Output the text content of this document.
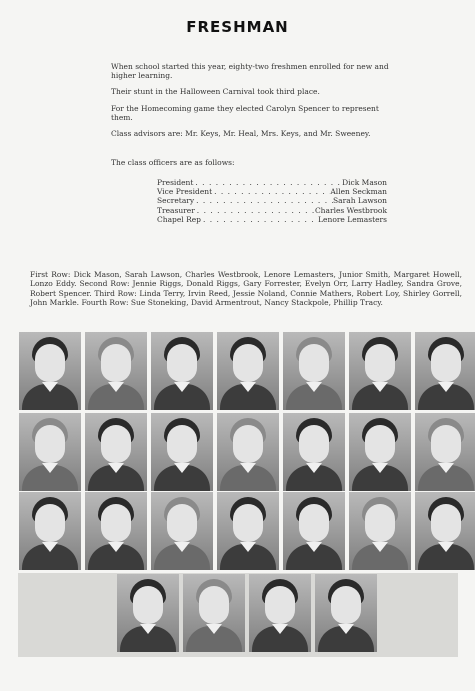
FRESHMAN
When school started this year, eighty-two freshmen enrolled for new and higher learning.
Their stunt in the Halloween Carnival took third place.
For the Homecoming game they elected Carolyn Spencer to represent them.
Class advisors are: Mr. Keys, Mr. Heal, Mrs. Keys, and Mr. Sweeney.
The class officers are as follows:
President . . .	Dick Mason
Vice President . . .	Allen Seckman
Secretary . . .	Sarah Lawson
Treasurer . . .	Charles Westbrook
Chapel Rep . . .	Lenore Lemasters
First Row: Dick Mason, Sarah Lawson, Charles Westbrook, Lenore Lemasters, Junior Smith, Margaret Howell, Lonzo Eddy. Second Row: Jennie Riggs, Donald Riggs, Gary Forrester, Evelyn Orr, Larry Hadley, Sandra Grove, Robert Spencer. Third Row: Linda Terry, Irvin Reed, Jessie Noland, Connie Mathers, Robert Loy, Shirley Gorrell, John Markle. Fourth Row: Sue Stoneking, David Armentrout, Nancy Stackpole, Phillip Tracy.
